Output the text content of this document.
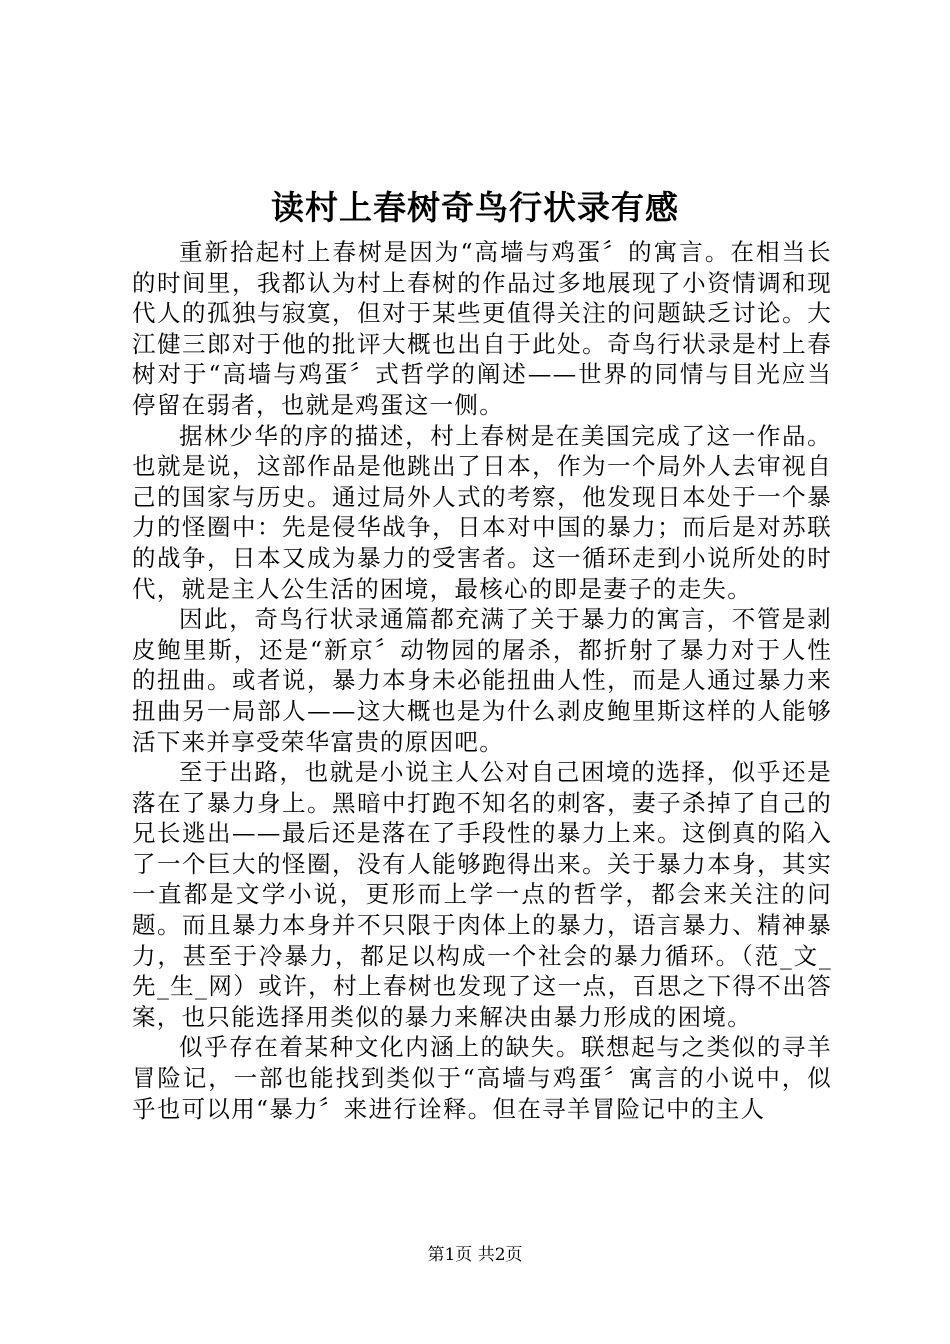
读村上春树奇鸟行状录有感

重新拾起村上春树是因为“高墙与鸡蛋〞的寓言。在相当长的时间里，我都认为村上春树的作品过多地展现了小资情调和现代人的孤独与寂寞，但对于某些更值得关注的问题缺乏讨论。大江健三郎对于他的批评大概也出自于此处。奇鸟行状录是村上春树对于“高墙与鸡蛋〞式哲学的阐述——世界的同情与目光应当停留在弱者，也就是鸡蛋这一侧。

据林少华的序的描述，村上春树是在美国完成了这一作品。也就是说，这部作品是他跳出了日本，作为一个局外人去审视自己的国家与历史。通过局外人式的考察，他发现日本处于一个暴力的怪圈中：先是侵华战争，日本对中国的暴力；而后是对苏联的战争，日本又成为暴力的受害者。这一循环走到小说所处的时代，就是主人公生活的困境，最核心的即是妻子的走失。

因此，奇鸟行状录通篇都充满了关于暴力的寓言，不管是剥皮鲍里斯，还是“新京〞动物园的屠杀，都折射了暴力对于人性的扭曲。或者说，暴力本身未必能扭曲人性，而是人通过暴力来扭曲另一局部人——这大概也是为什么剥皮鲍里斯这样的人能够活下来并享受荣华富贵的原因吧。

至于出路，也就是小说主人公对自己困境的选择，似乎还是落在了暴力身上。黑暗中打跑不知名的刺客，妻子杀掉了自己的兄长逃出——最后还是落在了手段性的暴力上来。这倒真的陷入了一个巨大的怪圈，没有人能够跑得出来。关于暴力本身，其实一直都是文学小说，更形而上学一点的哲学，都会来关注的问题。而且暴力本身并不只限于肉体上的暴力，语言暴力、精神暴力，甚至于冷暴力，都足以构成一个社会的暴力循环。（范_文_先_生_网）或许，村上春树也发现了这一点，百思之下得不出答案，也只能选择用类似的暴力来解决由暴力形成的困境。

似乎存在着某种文化内涵上的缺失。联想起与之类似的寻羊冒险记，一部也能找到类似于“高墙与鸡蛋〞寓言的小说中，似乎也可以用“暴力〞来进行诠释。但在寻羊冒险记中的主人

第1页 共2页
